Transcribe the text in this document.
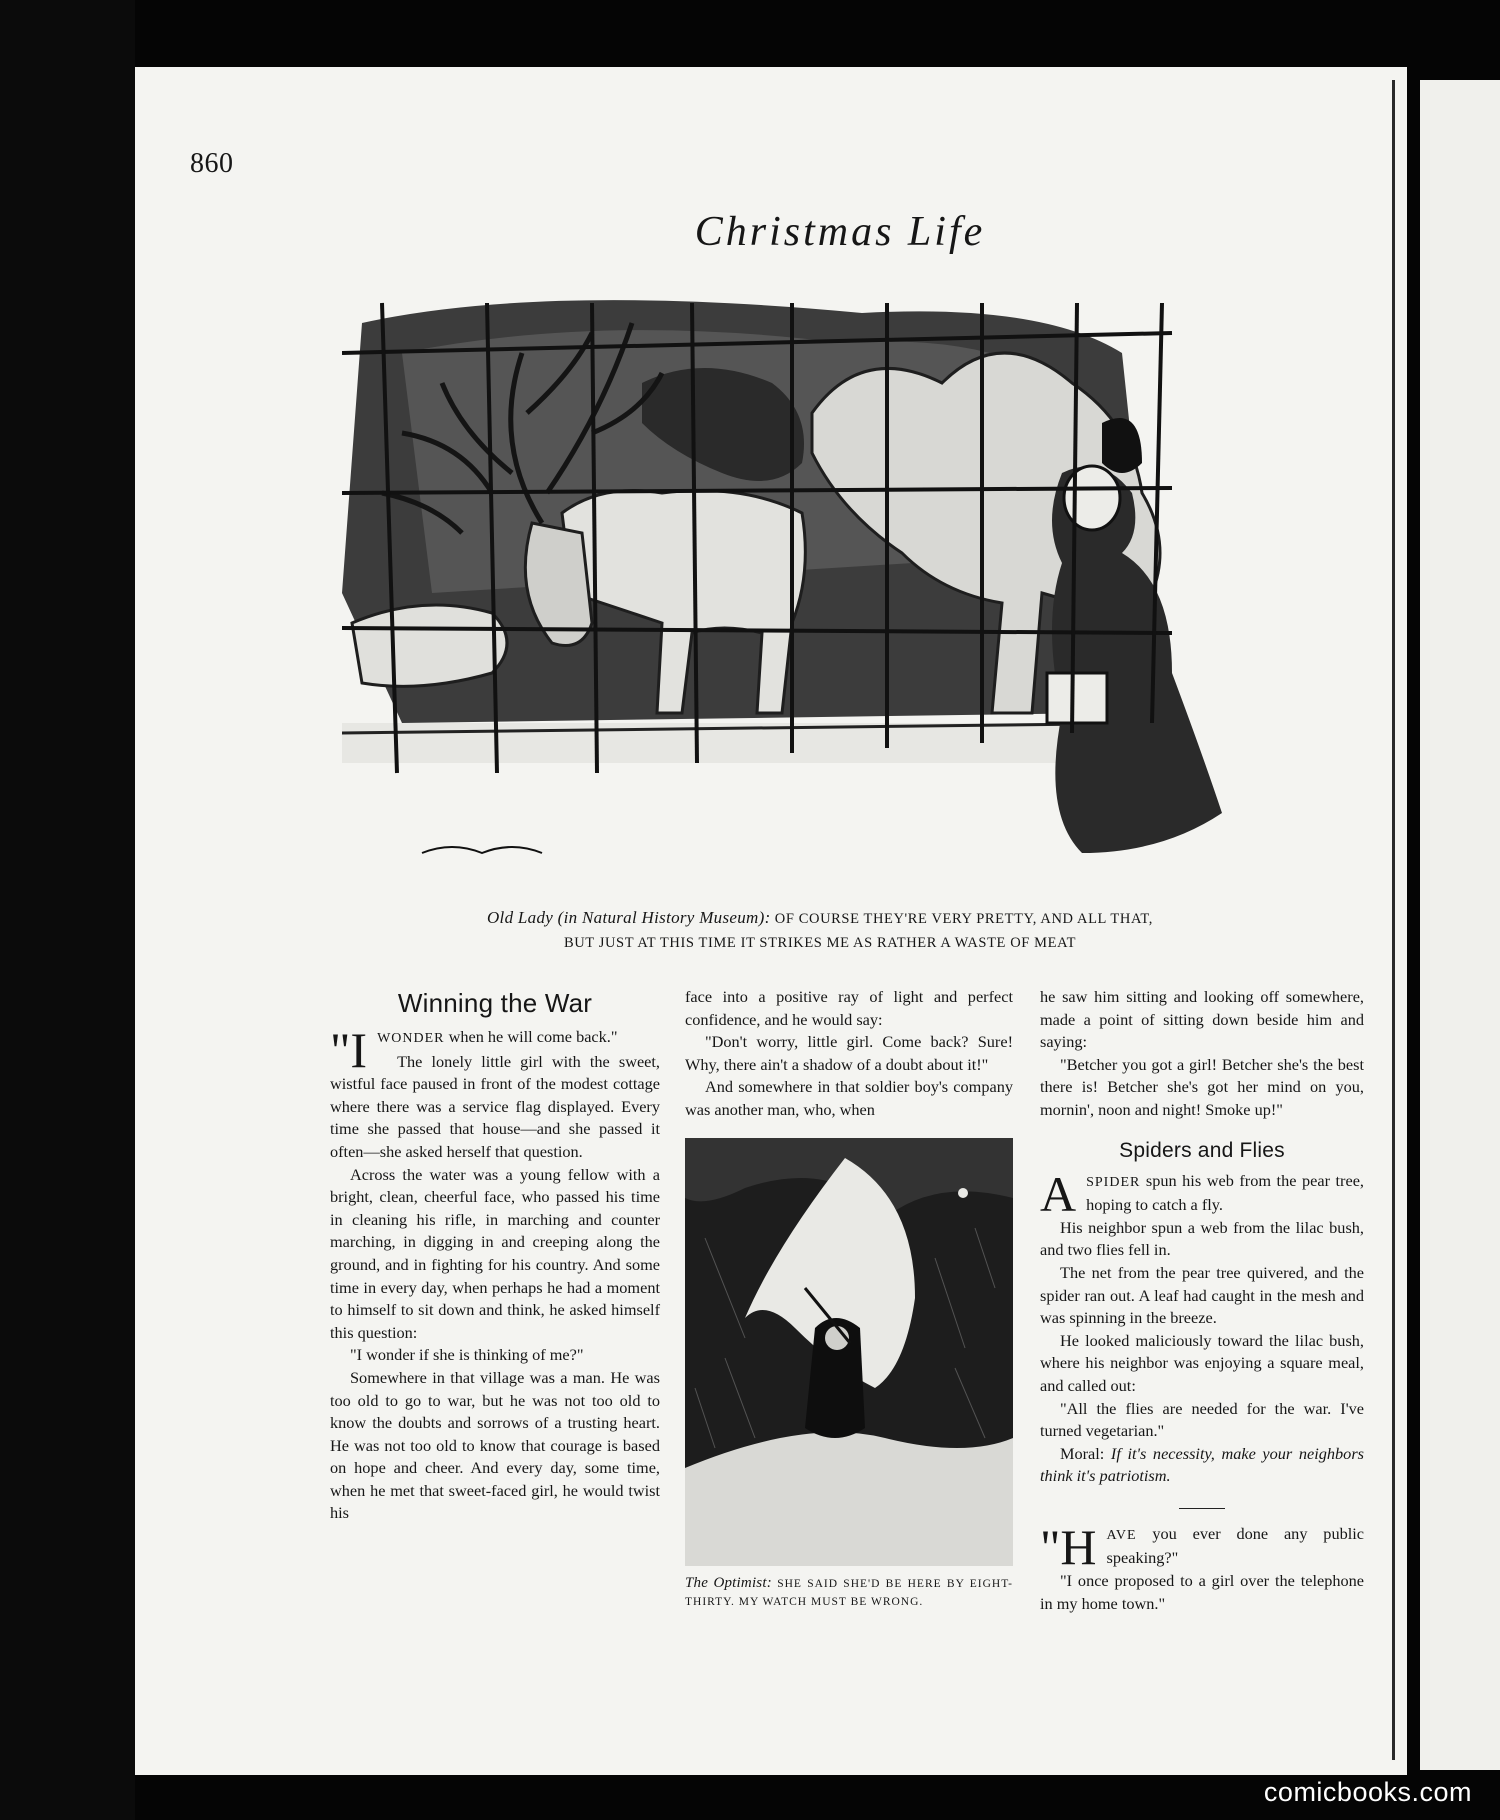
860
Christmas Life
Old Lady (in Natural History Museum): OF COURSE THEY'RE VERY PRETTY, AND ALL THAT,
BUT JUST AT THIS TIME IT STRIKES ME AS RATHER A WASTE OF MEAT
Winning the War

"IWONDER when he will come back."

The lonely little girl with the sweet, wistful face paused in front of the modest cottage where there was a service flag displayed. Every time she passed that house—and she passed it often—she asked herself that question.

Across the water was a young fellow with a bright, clean, cheerful face, who passed his time in cleaning his rifle, in marching and counter marching, in digging in and creeping along the ground, and in fighting for his country. And some time in every day, when perhaps he had a moment to himself to sit down and think, he asked himself this question:

"I wonder if she is thinking of me?"

Somewhere in that village was a man. He was too old to go to war, but he was not too old to know the doubts and sorrows of a trusting heart. He was not too old to know that courage is based on hope and cheer. And every day, some time, when he met that sweet-faced girl, he would twist his

face into a positive ray of light and perfect confidence, and he would say:

"Don't worry, little girl. Come back? Sure! Why, there ain't a shadow of a doubt about it!"

And somewhere in that soldier boy's company was another man, who, when

The Optimist: SHE SAID SHE'D BE HERE BY EIGHT-THIRTY. MY WATCH MUST BE WRONG.

he saw him sitting and looking off somewhere, made a point of sitting down beside him and saying:

"Betcher you got a girl! Betcher she's the best there is! Betcher she's got her mind on you, mornin', noon and night! Smoke up!"

Spiders and Flies

ASPIDER spun his web from the pear tree, hoping to catch a fly.

His neighbor spun a web from the lilac bush, and two flies fell in.

The net from the pear tree quivered, and the spider ran out. A leaf had caught in the mesh and was spinning in the breeze.

He looked maliciously toward the lilac bush, where his neighbor was enjoying a square meal, and called out:

"All the flies are needed for the war. I've turned vegetarian."

Moral: If it's necessity, make your neighbors think it's patriotism.

"HAVE you ever done any public speaking?"

"I once proposed to a girl over the telephone in my home town."

comicbooks.com
